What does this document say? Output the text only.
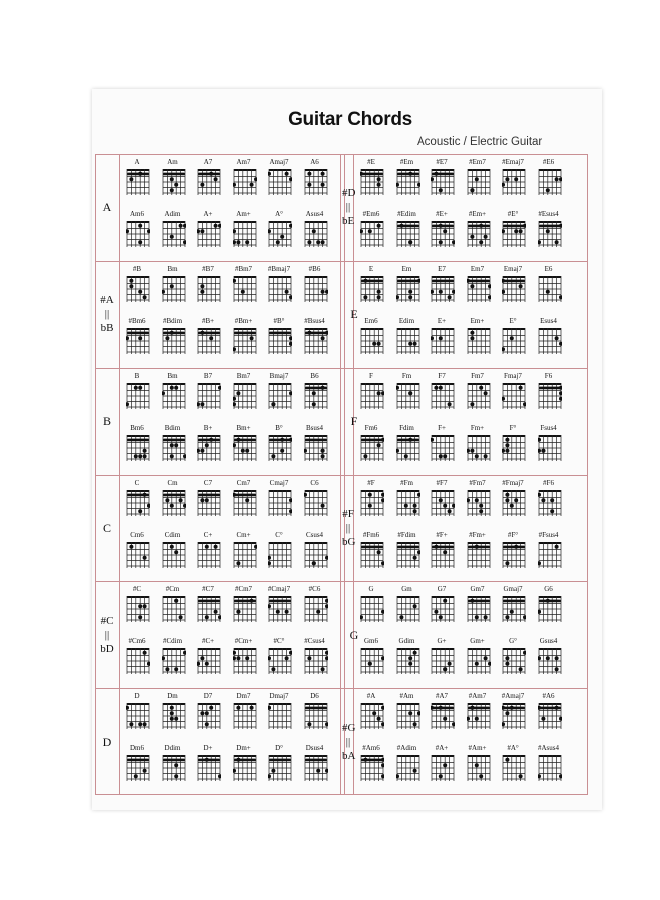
Guitar Chords
Acoustic / Electric Guitar
A
A	Am	A7	Am7	Amaj7	A6
Am6	Adim	A+	Am+	A°	Asus4
#A
||
bB
#B	Bm	#B7	#Bm7	#Bmaj7	#B6
#Bm6	#Bdim	#B+	#Bm+	#B°	#Bsus4
B
B	Bm	B7	Bm7	Bmaj7	B6
Bm6	Bdim	B+	Bm+	B°	Bsus4
C
C	Cm	C7	Cm7	Cmaj7	C6
Cm6	Cdim	C+	Cm+	C°	Csus4
#C
||
bD
#C	#Cm	#C7	#Cm7	#Cmaj7	#C6
#Cm6	#Cdim	#C+	#Cm+	#C°	#Csus4
D
D	Dm	D7	Dm7	Dmaj7	D6
Dm6	Ddim	D+	Dm+	D°	Dsus4
#D
||
bE
#E	#Em	#E7	#Em7	#Emaj7	#E6
#Em6	#Edim	#E+	#Em+	#E°	#Esus4
E
E	Em	E7	Em7	Emaj7	E6
Em6	Edim	E+	Em+	E°	Esus4
F
F	Fm	F7	Fm7	Fmaj7	F6
Fm6	Fdim	F+	Fm+	F°	Fsus4
#F
||
bG
#F	#Fm	#F7	#Fm7	#Fmaj7	#F6
#Fm6	#Fdim	#F+	#Fm+	#F°	#Fsus4
G
G	Gm	G7	Gm7	Gmaj7	G6
Gm6	Gdim	G+	Gm+	G°	Gsus4
#G
||
bA
#A	#Am	#A7	#Am7	#Amaj7	#A6
#Am6	#Adim	#A+	#Am+	#A°	#Asus4
